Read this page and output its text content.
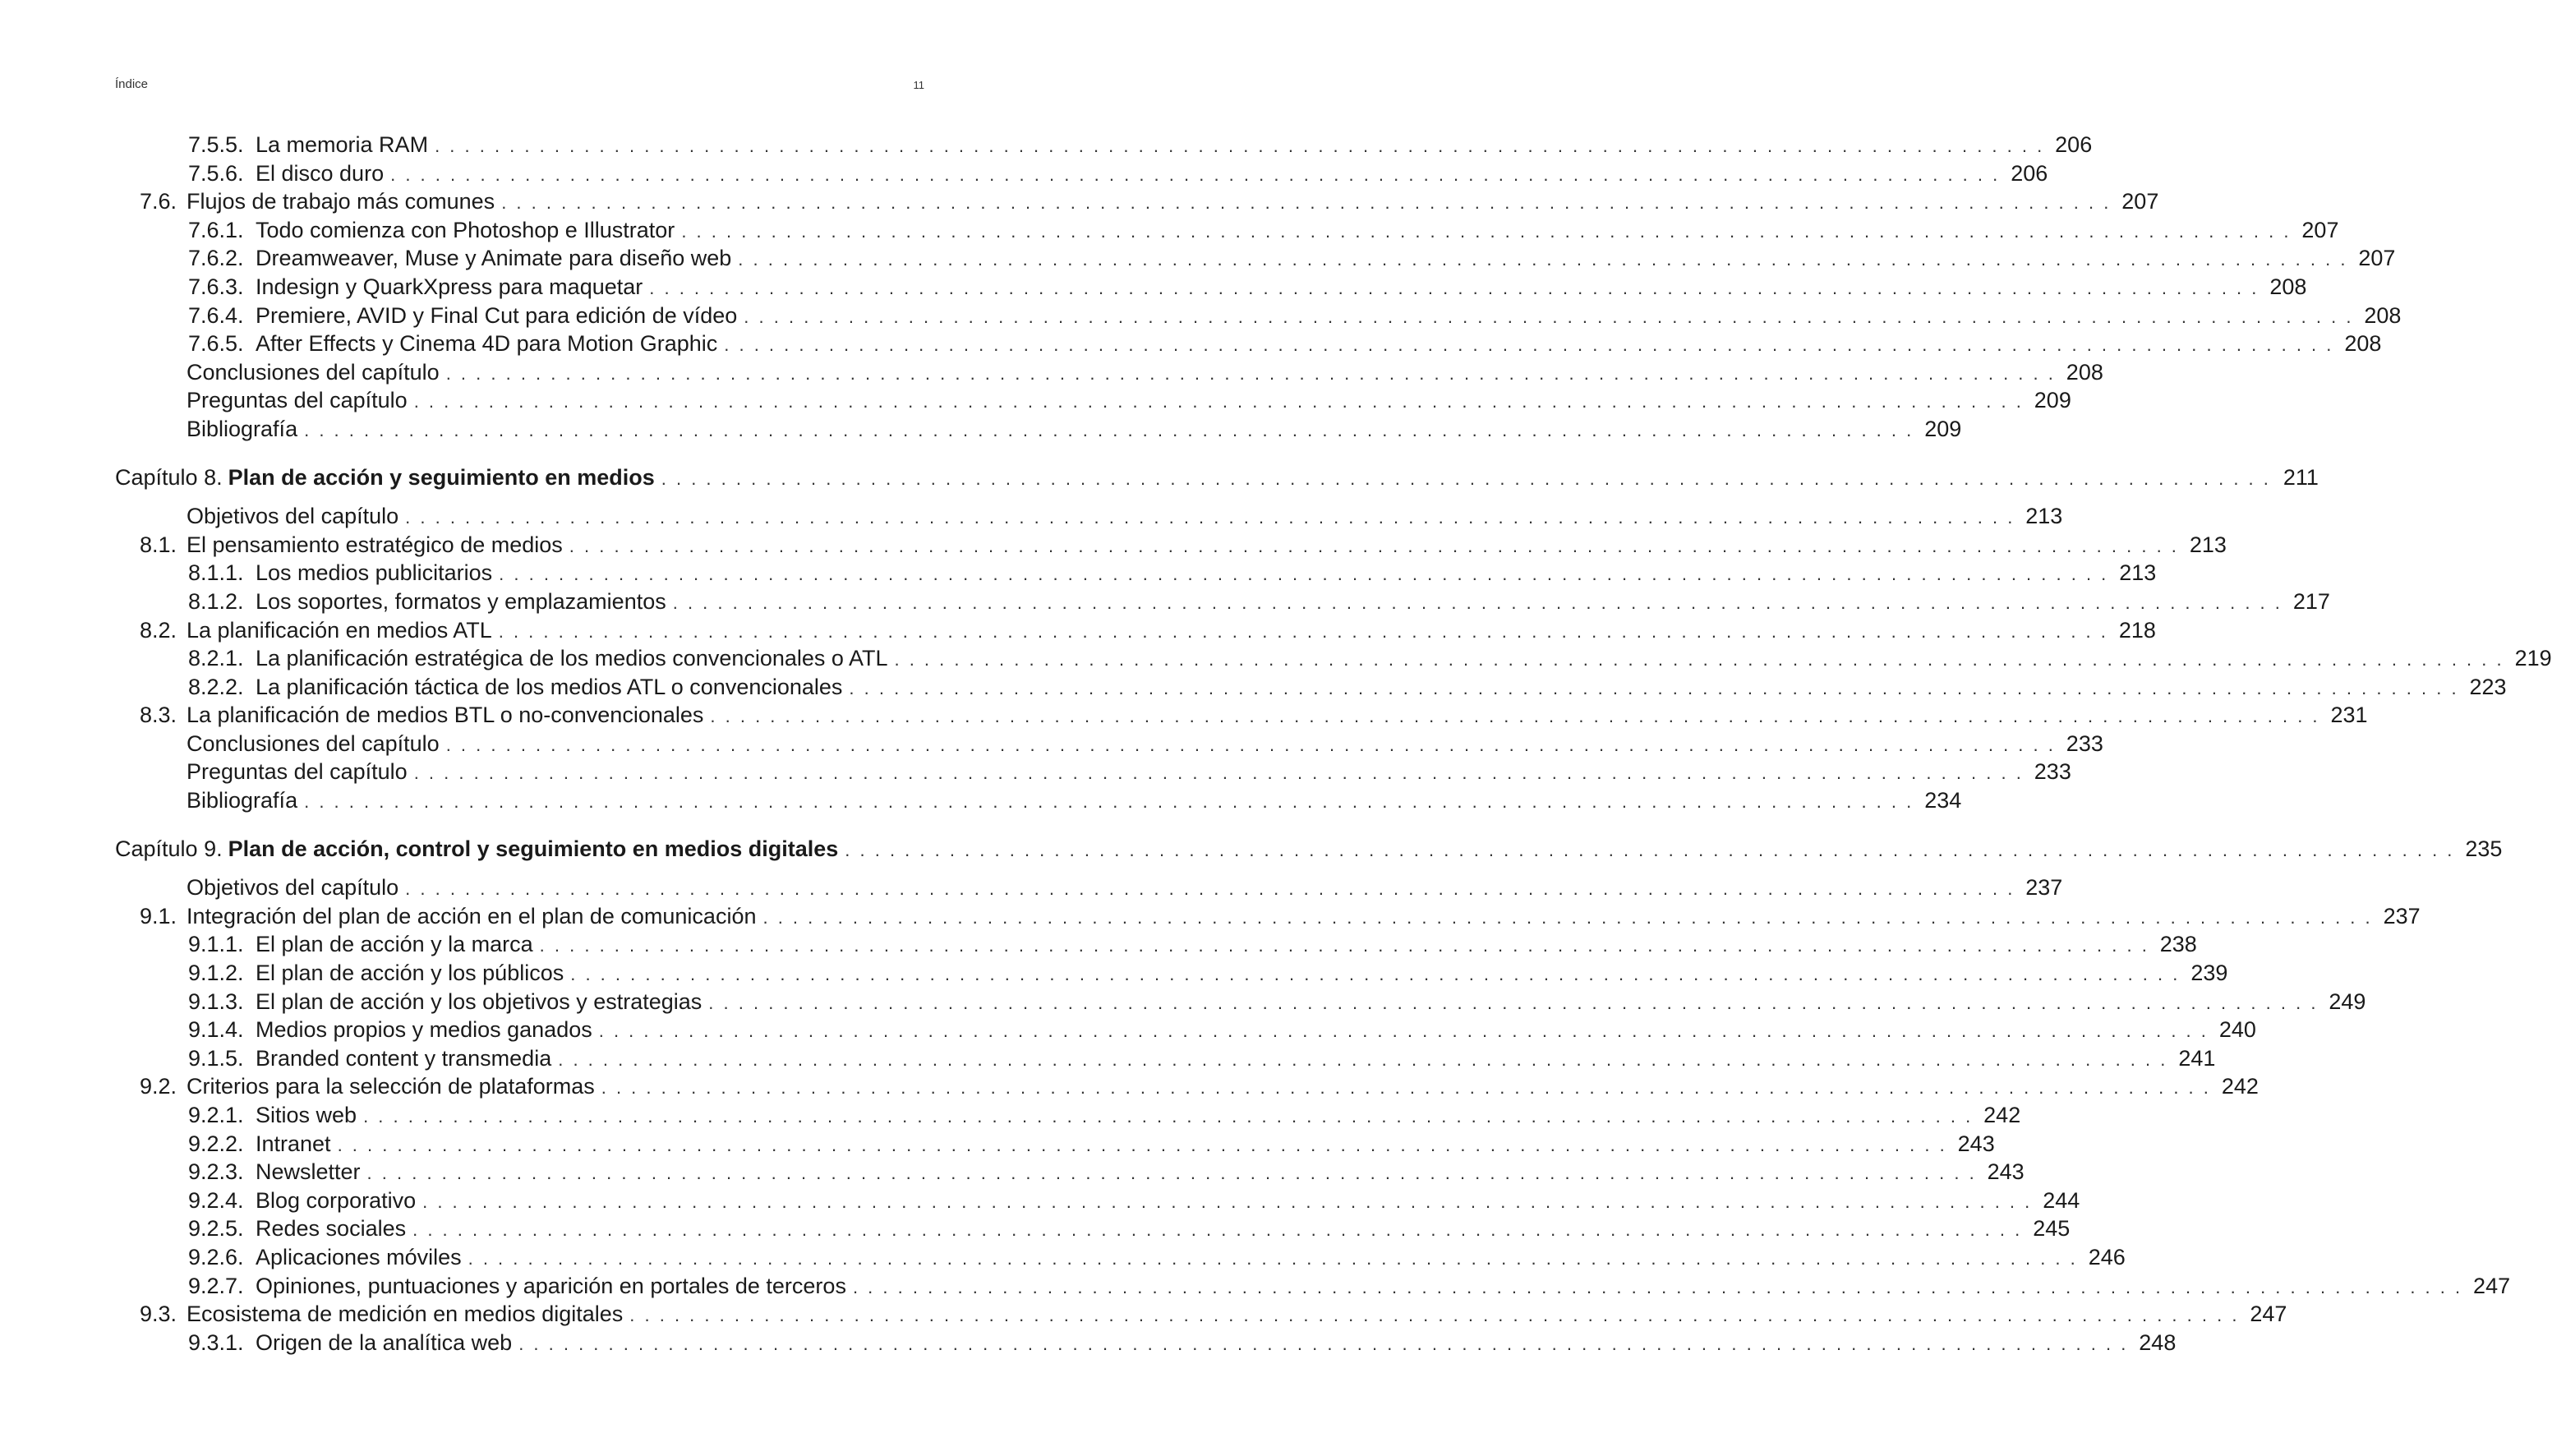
Índice	11
7.5.5. La memoria RAM . . .	206
7.5.6. El disco duro . . .	206
7.6. Flujos de trabajo más comunes . . .	207
7.6.1. Todo comienza con Photoshop e Illustrator . . .	207
7.6.2. Dreamweaver, Muse y Animate para diseño web . . .	207
7.6.3. Indesign y QuarkXpress para maquetar . . .	208
7.6.4. Premiere, AVID y Final Cut para edición de vídeo . . .	208
7.6.5. After Effects y Cinema 4D para Motion Graphic . . .	208
Conclusiones del capítulo . . .	208
Preguntas del capítulo . . .	209
Bibliografía . . .	209
Capítulo 8. Plan de acción y seguimiento en medios . . .	211
Objetivos del capítulo . . .	213
8.1. El pensamiento estratégico de medios . . .	213
8.1.1. Los medios publicitarios . . .	213
8.1.2. Los soportes, formatos y emplazamientos . . .	217
8.2. La planificación en medios ATL . . .	218
8.2.1. La planificación estratégica de los medios convencionales o ATL . . .	219
8.2.2. La planificación táctica de los medios ATL o convencionales . . .	223
8.3. La planificación de medios BTL o no-convencionales . . .	231
Conclusiones del capítulo . . .	233
Preguntas del capítulo . . .	233
Bibliografía . . .	234
Capítulo 9. Plan de acción, control y seguimiento en medios digitales . . .	235
Objetivos del capítulo . . .	237
9.1. Integración del plan de acción en el plan de comunicación . . .	237
9.1.1. El plan de acción y la marca . . .	238
9.1.2. El plan de acción y los públicos . . .	239
9.1.3. El plan de acción y los objetivos y estrategias . . .	249
9.1.4. Medios propios y medios ganados . . .	240
9.1.5. Branded content y transmedia . . .	241
9.2. Criterios para la selección de plataformas . . .	242
9.2.1. Sitios web . . .	242
9.2.2. Intranet . . .	243
9.2.3. Newsletter . . .	243
9.2.4. Blog corporativo . . .	244
9.2.5. Redes sociales . . .	245
9.2.6. Aplicaciones móviles . . .	246
9.2.7. Opiniones, puntuaciones y aparición en portales de terceros . . .	247
9.3. Ecosistema de medición en medios digitales . . .	247
9.3.1. Origen de la analítica web . . .	248
